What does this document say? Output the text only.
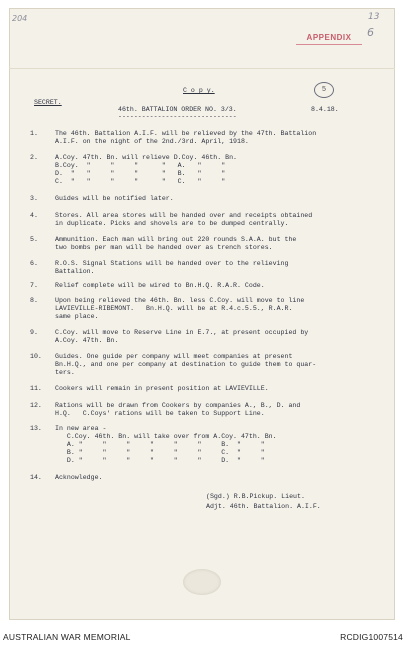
204	13
6
APPENDIX
5
C o p y.
SECRET.
46th. BATTALION ORDER NO. 3/3.	8.4.18.
------------------------------
1.	The 46th. Battalion A.I.F. will be relieved by the 47th. Battalion
A.I.F. on the night of the 2nd./3rd. April, 1918.
2.	A.Coy. 47th. Bn. will relieve D.Coy. 46th. Bn.
B.Coy.  "     "     "      "   A.   "     "
D.  "   "     "     "      "   B.   "     "
C.  "   "     "     "      "   C.   "     "
3.	Guides will be notified later.
4.	Stores. All area stores will be handed over and receipts obtained
in duplicate. Picks and shovels are to be dumped centrally.
5.	Ammunition. Each man will bring out 220 rounds S.A.A. but the
two bombs per man will be handed over as trench stores.
6.	R.O.S. Signal Stations will be handed over to the relieving
Battalion.
7.	Relief complete will be wired to Bn.H.Q. R.A.R. Code.
8.	Upon being relieved the 46th. Bn. less C.Coy. will move to line
LAVIEVILLE-RIBEMONT.   Bn.H.Q. will be at R.4.c.5.5., R.A.R.
same place.
9.	C.Coy. will move to Reserve Line in E.7., at present occupied by
A.Coy. 47th. Bn.
10. Guides. One guide per company will meet companies at present
Bn.H.Q., and one per company at destination to guide them to quar-
ters.
11. Cookers will remain in present position at LAVIEVILLE.
12. Rations will be drawn from Cookers by companies A., B., D. and
H.Q.   C.Coys' rations will be taken to Support Line.
13. In new area -
C.Coy. 46th. Bn. will take over from A.Coy. 47th. Bn.
A. "     "     "     "     "     "     B.  "     "
B. "     "     "     "     "     "     C.  "     "
D. "     "     "     "     "     "     D.  "     "
14. Acknowledge.
(Sgd.) R.B.Pickup. Lieut.
Adjt. 46th. Battalion. A.I.F.
AUSTRALIAN WAR MEMORIAL	RCDIG1007514
